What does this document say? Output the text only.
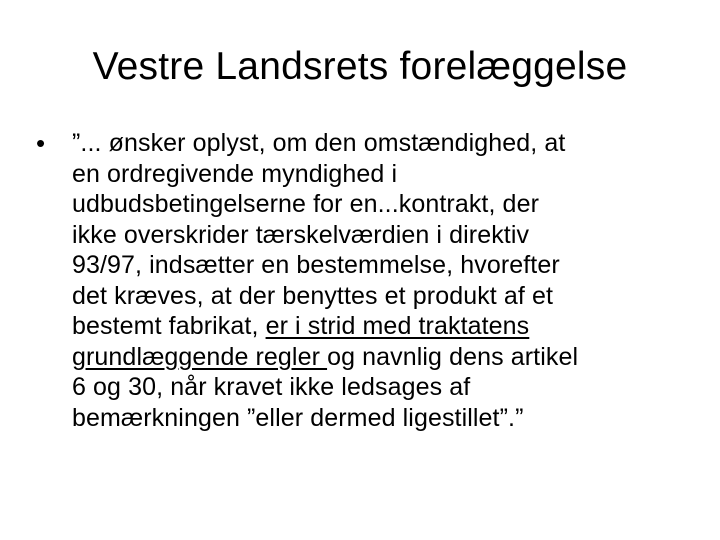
Vestre Landsrets forelæggelse
•	”... ønsker oplyst, om den omstændighed, at
en ordregivende myndighed i
udbudsbetingelserne for en...kontrakt, der
ikke overskrider tærskelværdien i direktiv
93/97, indsætter en bestemmelse, hvorefter
det kræves, at der benyttes et produkt af et
bestemt fabrikat, er i strid med traktatens
grundlæggende regler og navnlig dens artikel
6 og 30, når kravet ikke ledsages af
bemærkningen ”eller dermed ligestillet”.”
